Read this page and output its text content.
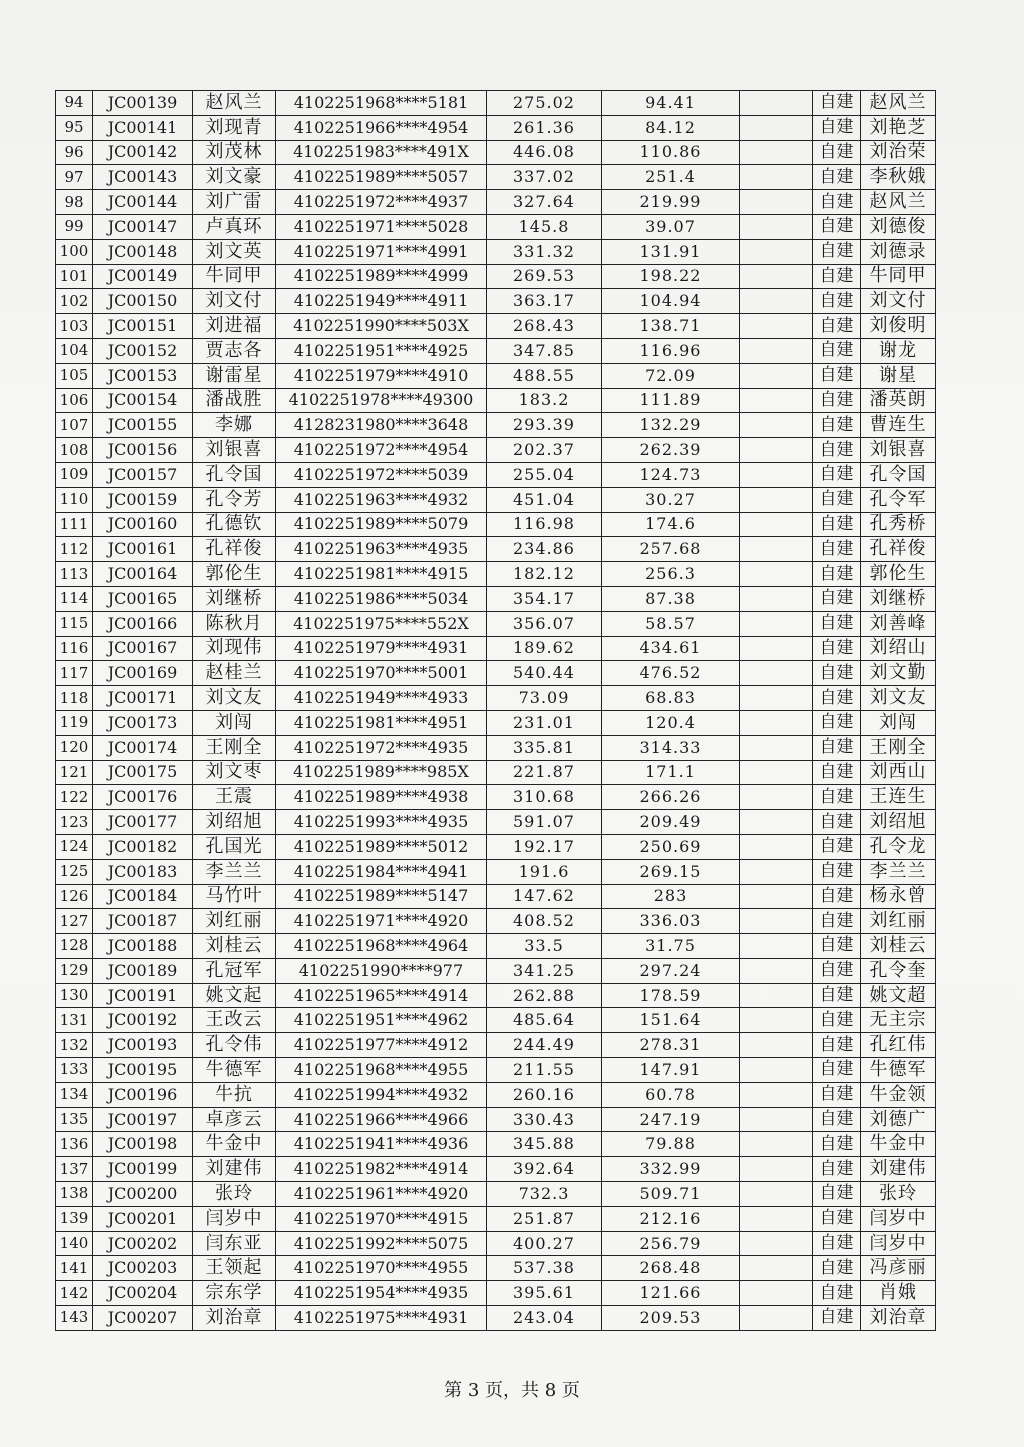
94	JC00139	赵风兰	4102251968****5181	275.02	94.41		自建	赵风兰
95	JC00141	刘现青	4102251966****4954	261.36	84.12		自建	刘艳芝
96	JC00142	刘茂林	4102251983****491X	446.08	110.86		自建	刘治荣
97	JC00143	刘文豪	4102251989****5057	337.02	251.4		自建	李秋娥
98	JC00144	刘广雷	4102251972****4937	327.64	219.99		自建	赵风兰
99	JC00147	卢真环	4102251971****5028	145.8	39.07		自建	刘德俊
100	JC00148	刘文英	4102251971****4991	331.32	131.91		自建	刘德录
101	JC00149	牛同甲	4102251989****4999	269.53	198.22		自建	牛同甲
102	JC00150	刘文付	4102251949****4911	363.17	104.94		自建	刘文付
103	JC00151	刘进福	4102251990****503X	268.43	138.71		自建	刘俊明
104	JC00152	贾志各	4102251951****4925	347.85	116.96		自建	谢龙
105	JC00153	谢雷星	4102251979****4910	488.55	72.09		自建	谢星
106	JC00154	潘战胜	4102251978****49300	183.2	111.89		自建	潘英朗
107	JC00155	李娜	4128231980****3648	293.39	132.29		自建	曹连生
108	JC00156	刘银喜	4102251972****4954	202.37	262.39		自建	刘银喜
109	JC00157	孔令国	4102251972****5039	255.04	124.73		自建	孔令国
110	JC00159	孔令芳	4102251963****4932	451.04	30.27		自建	孔令军
111	JC00160	孔德钦	4102251989****5079	116.98	174.6		自建	孔秀桥
112	JC00161	孔祥俊	4102251963****4935	234.86	257.68		自建	孔祥俊
113	JC00164	郭伦生	4102251981****4915	182.12	256.3		自建	郭伦生
114	JC00165	刘继桥	4102251986****5034	354.17	87.38		自建	刘继桥
115	JC00166	陈秋月	4102251975****552X	356.07	58.57		自建	刘善峰
116	JC00167	刘现伟	4102251979****4931	189.62	434.61		自建	刘绍山
117	JC00169	赵桂兰	4102251970****5001	540.44	476.52		自建	刘文勤
118	JC00171	刘文友	4102251949****4933	73.09	68.83		自建	刘文友
119	JC00173	刘闯	4102251981****4951	231.01	120.4		自建	刘闯
120	JC00174	王刚全	4102251972****4935	335.81	314.33		自建	王刚全
121	JC00175	刘文枣	4102251989****985X	221.87	171.1		自建	刘西山
122	JC00176	王震	4102251989****4938	310.68	266.26		自建	王连生
123	JC00177	刘绍旭	4102251993****4935	591.07	209.49		自建	刘绍旭
124	JC00182	孔国光	4102251989****5012	192.17	250.69		自建	孔令龙
125	JC00183	李兰兰	4102251984****4941	191.6	269.15		自建	李兰兰
126	JC00184	马竹叶	4102251989****5147	147.62	283		自建	杨永曾
127	JC00187	刘红丽	4102251971****4920	408.52	336.03		自建	刘红丽
128	JC00188	刘桂云	4102251968****4964	33.5	31.75		自建	刘桂云
129	JC00189	孔冠军	4102251990****977	341.25	297.24		自建	孔令奎
130	JC00191	姚文起	4102251965****4914	262.88	178.59		自建	姚文超
131	JC00192	王改云	4102251951****4962	485.64	151.64		自建	无主宗
132	JC00193	孔令伟	4102251977****4912	244.49	278.31		自建	孔红伟
133	JC00195	牛德军	4102251968****4955	211.55	147.91		自建	牛德军
134	JC00196	牛抗	4102251994****4932	260.16	60.78		自建	牛金领
135	JC00197	卓彦云	4102251966****4966	330.43	247.19		自建	刘德广
136	JC00198	牛金中	4102251941****4936	345.88	79.88		自建	牛金中
137	JC00199	刘建伟	4102251982****4914	392.64	332.99		自建	刘建伟
138	JC00200	张玲	4102251961****4920	732.3	509.71		自建	张玲
139	JC00201	闫岁中	4102251970****4915	251.87	212.16		自建	闫岁中
140	JC00202	闫东亚	4102251992****5075	400.27	256.79		自建	闫岁中
141	JC00203	王领起	4102251970****4955	537.38	268.48		自建	冯彦丽
142	JC00204	宗东学	4102251954****4935	395.61	121.66		自建	肖娥
143	JC00207	刘治章	4102251975****4931	243.04	209.53		自建	刘治章
第 3 页，共 8 页
